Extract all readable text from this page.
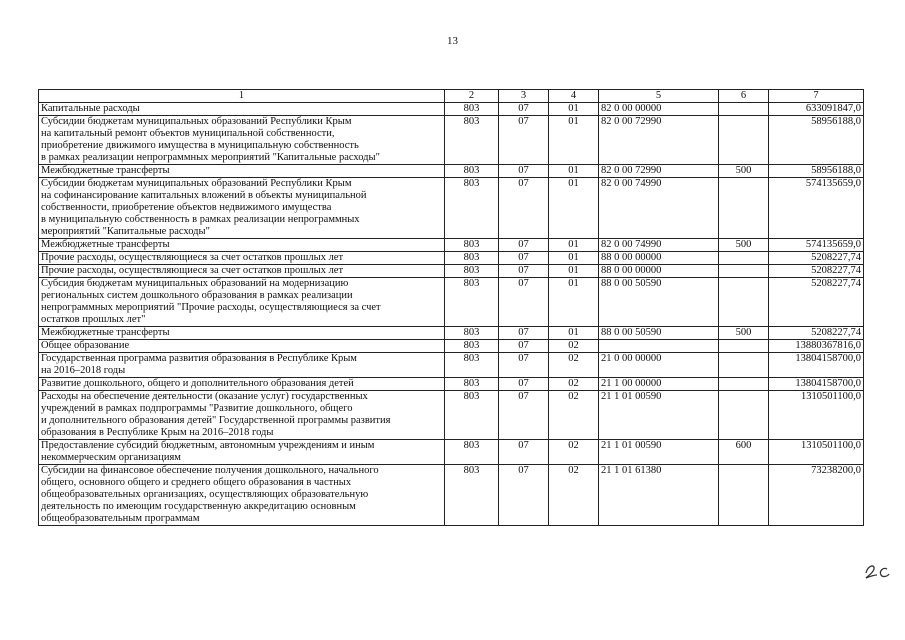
13
1	2	3	4	5	6	7
Капитальные расходы	803	07	01	82 0 00 00000		633091847,0
Субсидии бюджетам муниципальных образований Республики Крым
на капитальный ремонт объектов муниципальной собственности,
приобретение движимого имущества в муниципальную собственность
в рамках реализации непрограммных мероприятий "Капитальные расходы"	803	07	01	82 0 00 72990		58956188,0
Межбюджетные трансферты	803	07	01	82 0 00 72990	500	58956188,0
Субсидии бюджетам муниципальных образований Республики Крым
на софинансирование капитальных вложений в объекты муниципальной
собственности, приобретение объектов недвижимого имущества
в муниципальную собственность в рамках реализации непрограммных
мероприятий "Капитальные расходы"	803	07	01	82 0 00 74990		574135659,0
Межбюджетные трансферты	803	07	01	82 0 00 74990	500	574135659,0
Прочие расходы, осуществляющиеся за счет остатков прошлых лет	803	07	01	88 0 00 00000		5208227,74
Прочие расходы, осуществляющиеся за счет остатков прошлых лет	803	07	01	88 0 00 00000		5208227,74
Субсидия бюджетам муниципальных образований на модернизацию
региональных систем дошкольного образования в рамках реализации
непрограммных мероприятий "Прочие расходы, осуществляющиеся за счет
остатков прошлых лет"	803	07	01	88 0 00 50590		5208227,74
Межбюджетные трансферты	803	07	01	88 0 00 50590	500	5208227,74
Общее образование	803	07	02			13880367816,0
Государственная программа развития образования в Республике Крым
на 2016–2018 годы	803	07	02	21 0 00 00000		13804158700,0
Развитие дошкольного, общего и дополнительного образования детей	803	07	02	21 1 00 00000		13804158700,0
Расходы на обеспечение деятельности (оказание услуг) государственных
учреждений в рамках подпрограммы "Развитие дошкольного, общего
и дополнительного образования детей" Государственной программы развития
образования в Республике Крым на 2016–2018 годы	803	07	02	21 1 01 00590		1310501100,0
Предоставление субсидий бюджетным, автономным учреждениям и иным
некоммерческим организациям	803	07	02	21 1 01 00590	600	1310501100,0
Субсидии на финансовое обеспечение получения дошкольного, начального
общего, основного общего и среднего общего образования в частных
общеобразовательных организациях, осуществляющих образовательную
деятельность по имеющим государственную аккредитацию основным
общеобразовательным программам	803	07	02	21 1 01 61380		73238200,0
